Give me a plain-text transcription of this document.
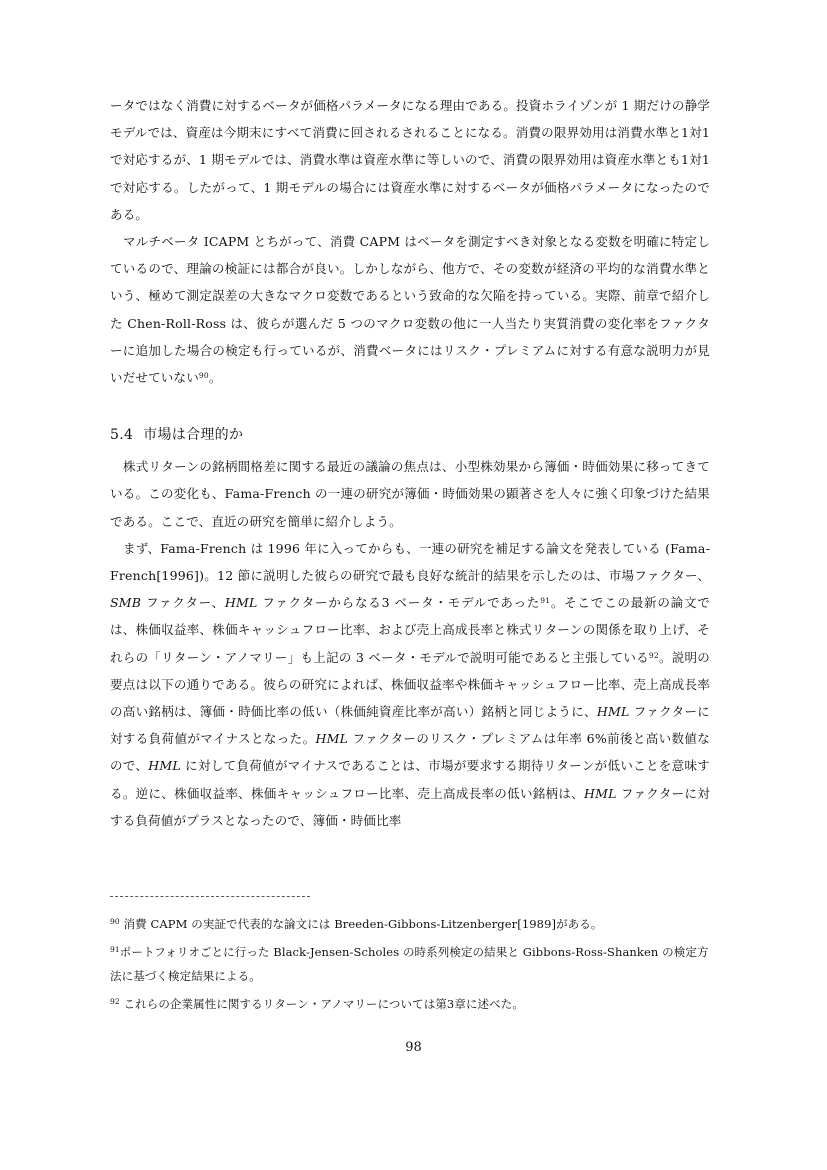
ータではなく消費に対するベータが価格パラメータになる理由である。投資ホライゾンが 1 期だけの静学モデルでは、資産は今期末にすべて消費に回されるされることになる。消費の限界効用は消費水準と1対1で対応するが、1 期モデルでは、消費水準は資産水準に等しいので、消費の限界効用は資産水準とも1対1で対応する。したがって、1 期モデルの場合には資産水準に対するベータが価格パラメータになったのである。

マルチベータ ICAPM とちがって、消費 CAPM はベータを測定すべき対象となる変数を明確に特定しているので、理論の検証には都合が良い。しかしながら、他方で、その変数が経済の平均的な消費水準という、極めて測定誤差の大きなマクロ変数であるという致命的な欠陥を持っている。実際、前章で紹介した Chen-Roll-Ross は、彼らが選んだ 5 つのマクロ変数の他に一人当たり実質消費の変化率をファクターに追加した場合の検定も行っているが、消費ベータにはリスク・プレミアムに対する有意な説明力が見いだせていない$^{90}$。

5.4 市場は合理的か

株式リターンの銘柄間格差に関する最近の議論の焦点は、小型株効果から簿価・時価効果に移ってきている。この変化も、Fama-French の一連の研究が簿価・時価効果の顕著さを人々に強く印象づけた結果である。ここで、直近の研究を簡単に紹介しよう。

まず、Fama-French は 1996 年に入ってからも、一連の研究を補足する論文を発表している (Fama-French[1996])。12 節に説明した彼らの研究で最も良好な統計的結果を示したのは、市場ファクター、SMB ファクター、HML ファクターからなる3 ベータ・モデルであった$^{91}$。そこでこの最新の論文では、株価収益率、株価キャッシュフロー比率、および売上高成長率と株式リターンの関係を取り上げ、それらの「リターン・アノマリー」も上記の 3 ベータ・モデルで説明可能であると主張している$^{92}$。説明の要点は以下の通りである。彼らの研究によれば、株価収益率や株価キャッシュフロー比率、売上高成長率の高い銘柄は、簿価・時価比率の低い（株価純資産比率が高い）銘柄と同じように、HML ファクターに対する負荷値がマイナスとなった。HML ファクターのリスク・プレミアムは年率 6%前後と高い数値なので、HML に対して負荷値がマイナスであることは、市場が要求する期待リターンが低いことを意味する。逆に、株価収益率、株価キャッシュフロー比率、売上高成長率の低い銘柄は、HML ファクターに対する負荷値がプラスとなったので、簿価・時価比率

$^{90}$ 消費 CAPM の実証で代表的な論文には Breeden-Gibbons-Litzenberger[1989]がある。

$^{91}$ポートフォリオごとに行った Black-Jensen-Scholes の時系列検定の結果と Gibbons-Ross-Shanken の検定方法に基づく検定結果による。

$^{92}$ これらの企業属性に関するリターン・アノマリーについては第3章に述べた。

98
